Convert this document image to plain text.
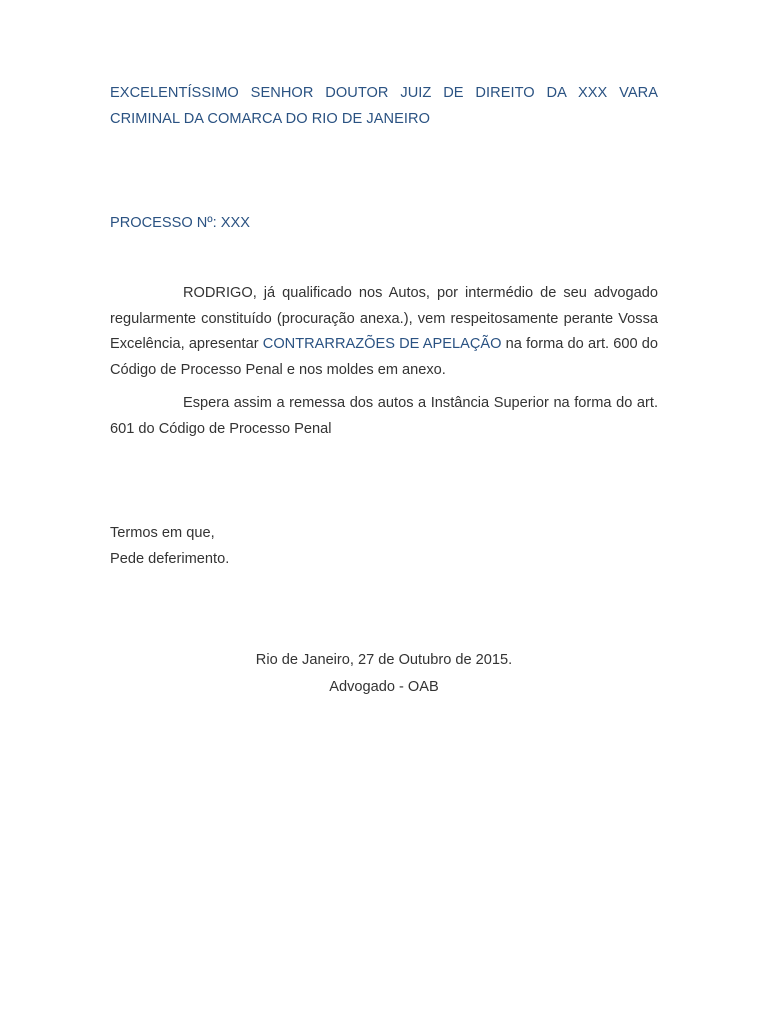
EXCELENTÍSSIMO SENHOR DOUTOR JUIZ DE DIREITO DA XXX VARA CRIMINAL DA COMARCA DO RIO DE JANEIRO
PROCESSO Nº: XXX
RODRIGO, já qualificado nos Autos, por intermédio de seu advogado regularmente constituído (procuração anexa.), vem respeitosamente perante Vossa Excelência, apresentar CONTRARRAZÕES DE APELAÇÃO na forma do art. 600 do Código de Processo Penal e nos moldes em anexo.
Espera assim a remessa dos autos a Instância Superior na forma do art. 601 do Código de Processo Penal
Termos em que,
Pede deferimento.
Rio de Janeiro, 27 de Outubro de 2015.
Advogado - OAB
